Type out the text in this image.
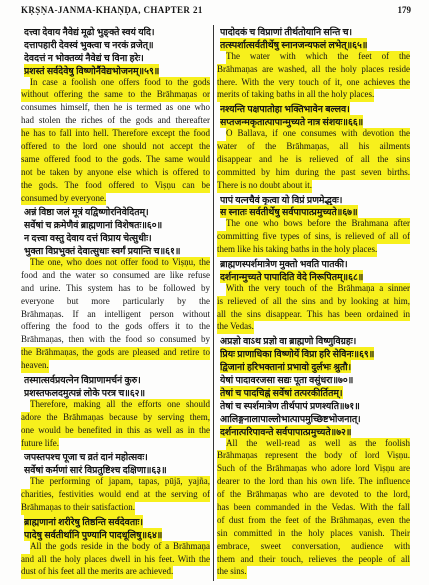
KṚṢṆA-JANMA-KHAṆḌA, CHAPTER 21	179
दत्त्वा देवाय नैवेद्यं मूढो भुङ्क्ते स्वयं यदि।
दत्तापहारी देवस्वं भुक्त्वा च नरकं व्रजेत्॥
देवदत्तं न भोक्तव्यं नैवेद्यं च विना हरेः।
प्रशस्तं सर्वदेवेषु विष्णोर्नैवेद्यभोजनम्॥५९॥
In case a foolish one offers food to the gods
without offering the same to the Brāhmaṇas or
consumes himself, then he is termed as one who
had stolen the riches of the gods and thereafter
he has to fall into hell. Therefore except the food
offered to the lord one should not accept the
same offered food to the gods. The same would
not be taken by anyone else which is offered to
the gods. The food offered to Viṣṇu can be
consumed by everyone.
अन्नं विष्ठा जलं मूत्रं यद्विष्णोरनिवेदितम्।
सर्वेषां च क्रमेणैवं ब्राह्मणानां विशेषतः॥६०॥
न दत्त्वा वस्तु देवाय दत्तं विप्राय चेत्सुधीः।
भुक्ता विप्रभुक्तं देवात्सुधाः स्वर्गं प्रयान्ति च॥६१॥
The one, who does not offer food to Viṣṇu, the
food and the water so consumed are like refuse
and urine. This system has to be followed by
everyone but more particularly by the
Brāhmaṇas. If an intelligent person without
offering the food to the gods offers it to the
Brāhmaṇas, then with the food so consumed by
the Brāhmaṇas, the gods are pleased and retire to
heaven.
तस्मात्सर्वप्रयत्नेन विप्राणामर्चनं कुरु।
प्रशस्तफलदमुत्पन्नं लोके परत्र च॥६२॥
Therefore, making all the efforts one should
adore the Brāhmaṇas because by serving them,
one would be benefited in this as well as in the
future life.
जपस्तपश्च पूजा च व्रतं दानं महोत्सवः।
सर्वेषां कर्मणां सारं विप्रतुष्टिश्च दक्षिणा॥६३॥
The performing of japam, tapas, pūjā, yajña,
charities, festivities would end at the serving of
Brāhmaṇas to their satisfaction.
ब्राह्मणानां शरीरेषु तिष्ठन्ति सर्वदेवताः।
पादेषु सर्वतीर्थानि पुण्यानि पादधूलिषु॥६४॥
All the gods reside in the body of a Brāhmaṇa
and all the holy places dwell in his feet. With the
dust of his feet all the merits are achieved.
पादोदकं च विप्राणां तीर्थतोयानि सन्ति च।
तत्स्पर्शात्सर्वतीर्थेषु स्नानजन्यफलं लभेत्॥६५॥
The water with which the feet of the
Brāhmaṇas are washed, all the holy places reside
there. With the very touch of it, one achieves the
merits of taking baths in all the holy places.
नश्यन्ति पक्षपातोहा भक्तिभावेन बल्लव।
सप्तजन्मकृतात्पापान्मुच्यते नात्र संशयः॥६६॥
O Ballava, if one consumes with devotion the
water of the Brāhmaṇas, all his ailments
disappear and he is relieved of all the sins
committed by him during the past seven births.
There is no doubt about it.
पापं यत्नचैवं कृत्वा यो विप्रं प्रणमेद्भुवः।
स स्नातः सर्वतीर्थेषु सर्वपापात्प्रमुच्यते॥६७॥
The one who bows before the Brahmana after
committing five types of sins, is relieved of all of
them like his taking baths in the holy places.
ब्राह्मणस्पर्शमात्रेण मुक्तो भवति पातकी।
दर्शनान्मुच्यते पापादिति वेदे निरूपितम्॥६८॥
With the very touch of the Brāhmaṇa a sinner
is relieved of all the sins and by looking at him,
all the sins disappear. This has been ordained in
the Vedas.
अप्रज्ञो वाऽथ प्रज्ञो वा ब्राह्मणो विष्णुविग्रहः।
प्रियः प्राणाधिका विष्णोर्ये विप्रा हरि सेविनः॥६९॥
द्विजानां हरिभक्तानां प्रभावो दुर्लभः श्रुतौ।
येषां पादावरजसा सद्यः पूता वसुंधरा॥७०॥
तेषां च पादचिह्नं सर्वेषां तत्परकीर्तितम्।
तेषां च स्पर्शमात्रेण तीर्थपापं प्रणश्यति॥७१॥
आलिङ्गनालापाल्लोभात्पापमुच्छिष्टभोजनात्।
दर्शनात्परिपावन्ते सर्वपापात्प्रमुच्यते॥७२॥
All the well-read as well as the foolish
Brāhmaṇas represent the body of lord Viṣṇu.
Such of the Brāhmaṇas who adore lord Viṣṇu are
dearer to the lord than his own life. The influence
of the Brāhmaṇas who are devoted to the lord,
has been commanded in the Vedas. With the fall
of dust from the feet of the Brāhmaṇas, even the
sin committed in the holy places vanish. Their
embrace, sweet conversation, audience with
them and their touch, relieves the people of all
the sins.
